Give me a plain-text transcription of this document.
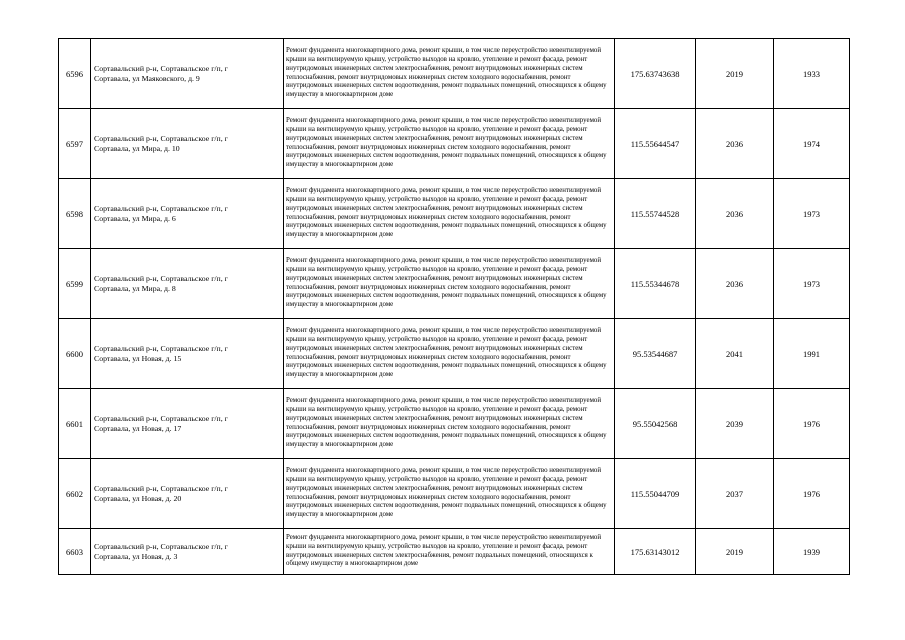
6596	Сортавальский р-н, Сортавальское г/п, г
Сортавала, ул Маяковского, д. 9	Ремонт фундамента многоквартирного дома, ремонт крыши, в том числе переустройство невентилируемой крыши на вентилируемую крышу, устройство выходов на кровлю, утепление и ремонт фасада, ремонт внутридомовых инженерных систем электроснабжения, ремонт внутридомовых инженерных систем теплоснабжения, ремонт внутридомовых инженерных систем холодного водоснабжения, ремонт внутридомовых инженерных систем водоотведения, ремонт подвальных помещений, относящихся к общему имуществу в многоквартирном доме	175.63743638	2019	1933
6597	Сортавальский р-н, Сортавальское г/п, г
Сортавала, ул Мира, д. 10	Ремонт фундамента многоквартирного дома, ремонт крыши, в том числе переустройство невентилируемой крыши на вентилируемую крышу, устройство выходов на кровлю, утепление и ремонт фасада, ремонт внутридомовых инженерных систем электроснабжения, ремонт внутридомовых инженерных систем теплоснабжения, ремонт внутридомовых инженерных систем холодного водоснабжения, ремонт внутридомовых инженерных систем водоотведения, ремонт подвальных помещений, относящихся к общему имуществу в многоквартирном доме	115.55644547	2036	1974
6598	Сортавальский р-н, Сортавальское г/п, г
Сортавала, ул Мира, д. 6	Ремонт фундамента многоквартирного дома, ремонт крыши, в том числе переустройство невентилируемой крыши на вентилируемую крышу, устройство выходов на кровлю, утепление и ремонт фасада, ремонт внутридомовых инженерных систем электроснабжения, ремонт внутридомовых инженерных систем теплоснабжения, ремонт внутридомовых инженерных систем холодного водоснабжения, ремонт внутридомовых инженерных систем водоотведения, ремонт подвальных помещений, относящихся к общему имуществу в многоквартирном доме	115.55744528	2036	1973
6599	Сортавальский р-н, Сортавальское г/п, г
Сортавала, ул Мира, д. 8	Ремонт фундамента многоквартирного дома, ремонт крыши, в том числе переустройство невентилируемой крыши на вентилируемую крышу, устройство выходов на кровлю, утепление и ремонт фасада, ремонт внутридомовых инженерных систем электроснабжения, ремонт внутридомовых инженерных систем теплоснабжения, ремонт внутридомовых инженерных систем холодного водоснабжения, ремонт внутридомовых инженерных систем водоотведения, ремонт подвальных помещений, относящихся к общему имуществу в многоквартирном доме	115.55344678	2036	1973
6600	Сортавальский р-н, Сортавальское г/п, г
Сортавала, ул Новая, д. 15	Ремонт фундамента многоквартирного дома, ремонт крыши, в том числе переустройство невентилируемой крыши на вентилируемую крышу, устройство выходов на кровлю, утепление и ремонт фасада, ремонт внутридомовых инженерных систем электроснабжения, ремонт внутридомовых инженерных систем теплоснабжения, ремонт внутридомовых инженерных систем холодного водоснабжения, ремонт внутридомовых инженерных систем водоотведения, ремонт подвальных помещений, относящихся к общему имуществу в многоквартирном доме	95.53544687	2041	1991
6601	Сортавальский р-н, Сортавальское г/п, г
Сортавала, ул Новая, д. 17	Ремонт фундамента многоквартирного дома, ремонт крыши, в том числе переустройство невентилируемой крыши на вентилируемую крышу, устройство выходов на кровлю, утепление и ремонт фасада, ремонт внутридомовых инженерных систем электроснабжения, ремонт внутридомовых инженерных систем теплоснабжения, ремонт внутридомовых инженерных систем холодного водоснабжения, ремонт внутридомовых инженерных систем водоотведения, ремонт подвальных помещений, относящихся к общему имуществу в многоквартирном доме	95.55042568	2039	1976
6602	Сортавальский р-н, Сортавальское г/п, г
Сортавала, ул Новая, д. 20	Ремонт фундамента многоквартирного дома, ремонт крыши, в том числе переустройство невентилируемой крыши на вентилируемую крышу, устройство выходов на кровлю, утепление и ремонт фасада, ремонт внутридомовых инженерных систем электроснабжения, ремонт внутридомовых инженерных систем теплоснабжения, ремонт внутридомовых инженерных систем холодного водоснабжения, ремонт внутридомовых инженерных систем водоотведения, ремонт подвальных помещений, относящихся к общему имуществу в многоквартирном доме	115.55044709	2037	1976
6603	Сортавальский р-н, Сортавальское г/п, г
Сортавала, ул Новая, д. 3	Ремонт фундамента многоквартирного дома, ремонт крыши, в том числе переустройство невентилируемой крыши на вентилируемую крышу, устройство выходов на кровлю, утепление и ремонт фасада, ремонт внутридомовых инженерных систем электроснабжения, ремонт подвальных помещений, относящихся к общему имуществу в многоквартирном доме	175.63143012	2019	1939
